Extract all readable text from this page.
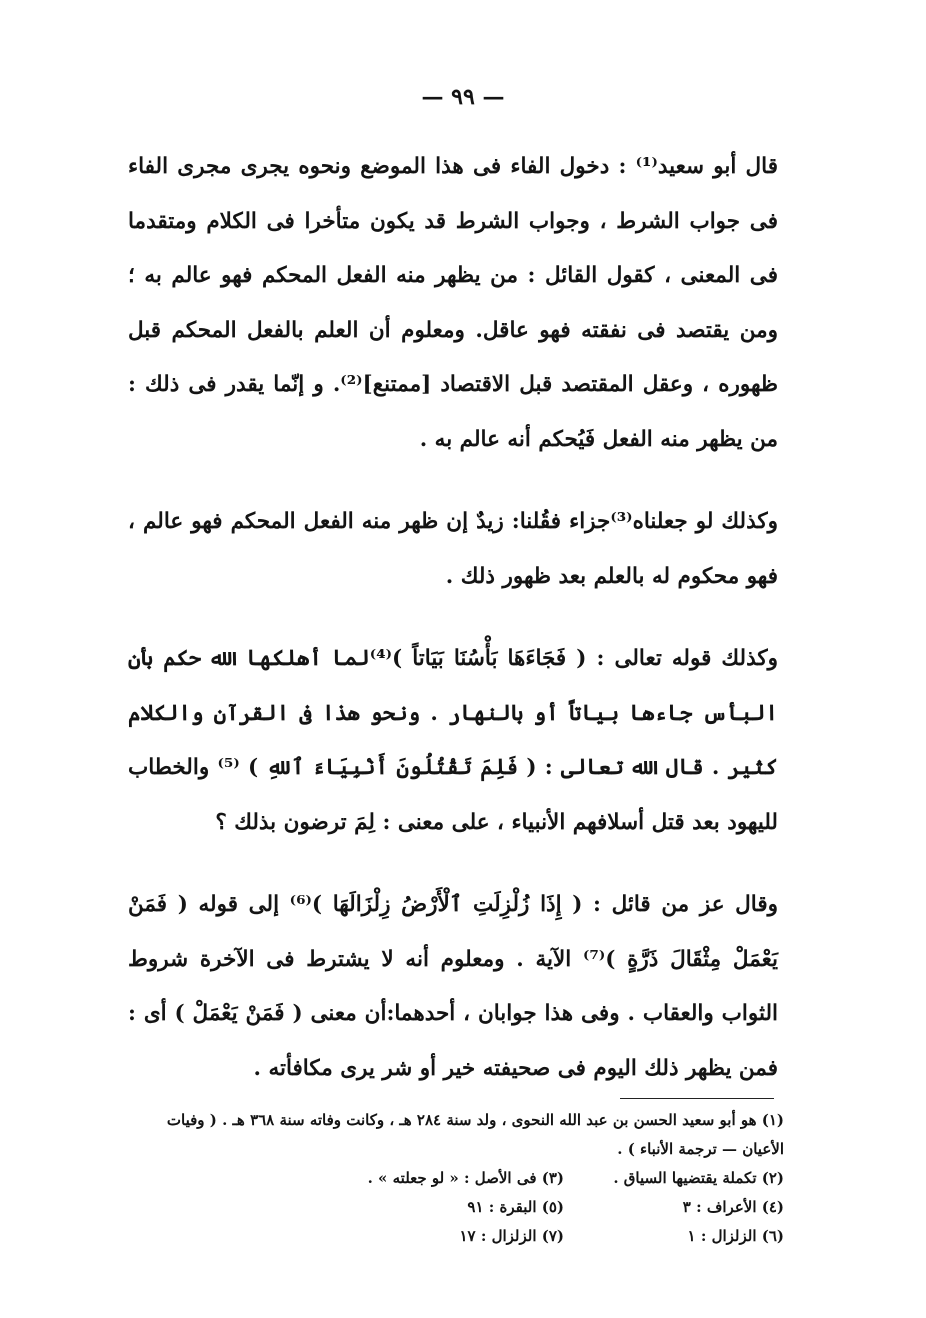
— ٩٩ —

قال أبو سعيد⁽¹⁾ : دخول الفاء فى هذا الموضع ونحوه يجرى مجرى الفاء فى جواب الشرط ، وجواب الشرط قد يكون متأخرا فى الكلام ومتقدما فى المعنى ، كقول القائل : من يظهر منه الفعل المحكم فهو عالم به ؛ ومن يقتصد فى نفقته فهو عاقل. ومعلوم أن العلم بالفعل المحكم قبل ظهوره ، وعقل المقتصد قبل الاقتصاد [ممتنع]⁽²⁾. و إنّما يقدر فى ذلك : من يظهر منه الفعل فَيُحكم أنه عالم به .

وكذلك لو جعلناه⁽³⁾جزاء فقُلنا: زيدٌ إن ظهر منه الفعل المحكم فهو عالم ، فهو محكوم له بالعلم بعد ظهور ذلك .

وكذلك قوله تعالى : ( فَجَاءَهَا بَأْسُنَا بَيَاتاً )⁽⁴⁾لما أهلكها الله حكم بأن البأس جاءها بياتاً أو بالنهار . ونحو هذا فى القرآن والكلام كثير . قال الله تعالى : ( فَلِمَ تَقْتُلُونَ أَنْبِيَاءَ ٱللهِ ) ⁽⁵⁾ والخطاب لليهود بعد قتل أسلافهم الأنبياء ، على معنى : لِمَ ترضون بذلك ؟

وقال عز من قائل : ( إِذَا زُلْزِلَتِ ٱلْأَرْضُ زِلْزَالَهَا )⁽⁶⁾ إلى قوله ( فَمَنْ يَعْمَلْ مِثْقَالَ ذَرَّةٍ )⁽⁷⁾ الآية . ومعلوم أنه لا يشترط فى الآخرة شروط الثواب والعقاب . وفى هذا جوابان ، أحدهما:أن معنى ( فَمَنْ يَعْمَلْ ) أى : فمن يظهر ذلك اليوم فى صحيفته خير أو شر يرى مكافأته .

(١) هو أبو سعيد الحسن بن عبد الله النحوى ، ولد سنة ٢٨٤ هـ ، وكانت وفاته سنة ٣٦٨ هـ . ( وفيات الأعيان — ترجمة الأنباء ) .
(٢) تكملة يقتضيها السياق .
(٣) فى الأصل : « لو جعلته » .
(٤) الأعراف : ٣
(٥) البقرة : ٩١
(٦) الزلزال : ١
(٧) الزلزال : ١٧
